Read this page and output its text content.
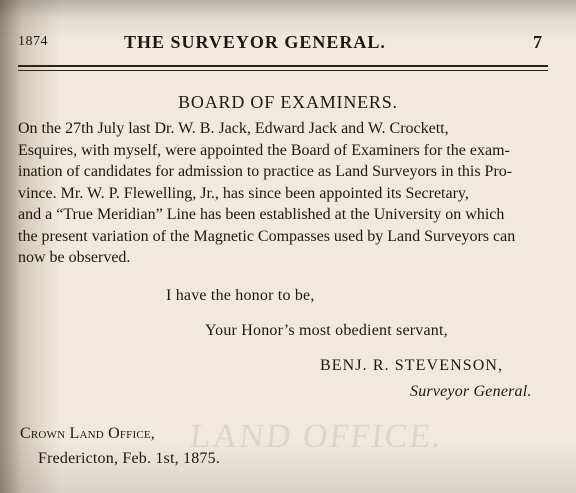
1874	THE SURVEYOR GENERAL.	7
BOARD OF EXAMINERS.
On the 27th July last Dr. W. B. Jack, Edward Jack and W. Crockett,
Esquires, with myself, were appointed the Board of Examiners for the exam-
ination of candidates for admission to practice as Land Surveyors in this Pro-
vince. Mr. W. P. Flewelling, Jr., has since been appointed its Secretary,
and a “True Meridian” Line has been established at the University on which
the present variation of the Magnetic Compasses used by Land Surveyors can
now be observed.
I have the honor to be,
Your Honor’s most obedient servant,
BENJ. R. STEVENSON,
Surveyor General.
Crown Land Office,
Fredericton, Feb. 1st, 1875.
LAND OFFICE.
